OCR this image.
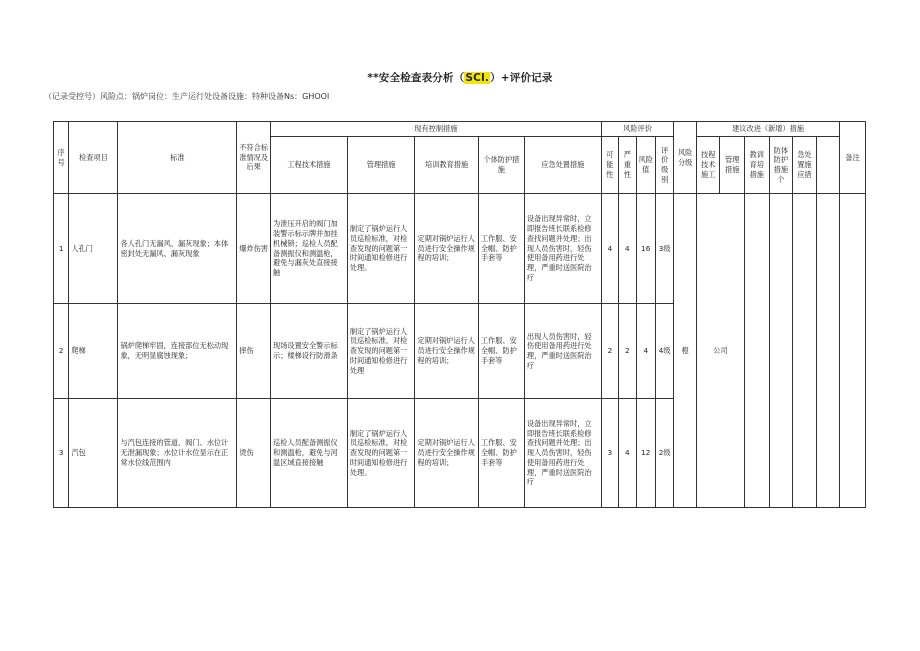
**安全检查表分析（SCl.）+评价记录
（记录受控号）风险点：锅炉岗位：生产运行处设备设施：特种设备Ns：GHOOl
序号	检查项目	标准	不符合标准情况及后果	现有控制措施					风险评价				风险分级	建议改进（新增）措施						备注
				工程技术措施	管理措施	培训教育措施	个体防护措施	应急处置措施	可能性	严重性	风险值	评价级别		技程技术施工	管理措施	教训育培措施	防体防护措施个	急处置施应措		
1	人孔门	各人孔门无漏风、漏灰现象；本体密封处无漏风、漏灰现象	爆炸伤害	为泄压开启的阀门加装警示标示牌并加挂机械锁；巡检人员配备测振仪和测温枪，避免与漏灰处直接接触	制定了锅炉运行人员巡检标准，对检查发现的问题第一时间通知检修进行处理。	定期对锅炉运行人员进行安全操作规程的培训；	工作服、安全帽、防护手套等	设备出现异常时，立即报告班长联系检修查找问题并处理；出现人员伤害时，轻伤使用备用药进行处理，严重时送医院治疗	4	4	16	3级	橙	公司						
2	爬梯	锅炉爬梯牢固，连接部位无松动现象，无明显腐蚀现象；	摔伤	现场设置安全警示标示；楼梯设行防滑条	制定了锅炉运行人员巡检标准，对检查发现的问题第一时间通知检修进行处理	定期对锅炉运行人员进行安全操作规程的培训；	工作服、安全帽、防护手套等	出现人员伤害时，轻伤使用备用药进行处理，严重时送医院治疗	2	2	4	4级								
3	汽包	与汽包连接的管道、阀门、水位计无泄漏现象；水位计水位显示在正常水位线范围内	烫伤	巡检人员配备测振仪和测温枪，避免与河温区域直接接触	制定了锅炉运行人员巡检标准，对检查发现的问题第一时间通知检修进行处理。	定期对锅炉运行人员进行安全操作规程的培训；	工作服、安全帽、防护手套等	设备出现异常时，立即报告班长联系检修查找问题并处理；出现人员伤害时，轻伤使用备用药进行处理，严重时送医院治疗	3	4	12	2级								
